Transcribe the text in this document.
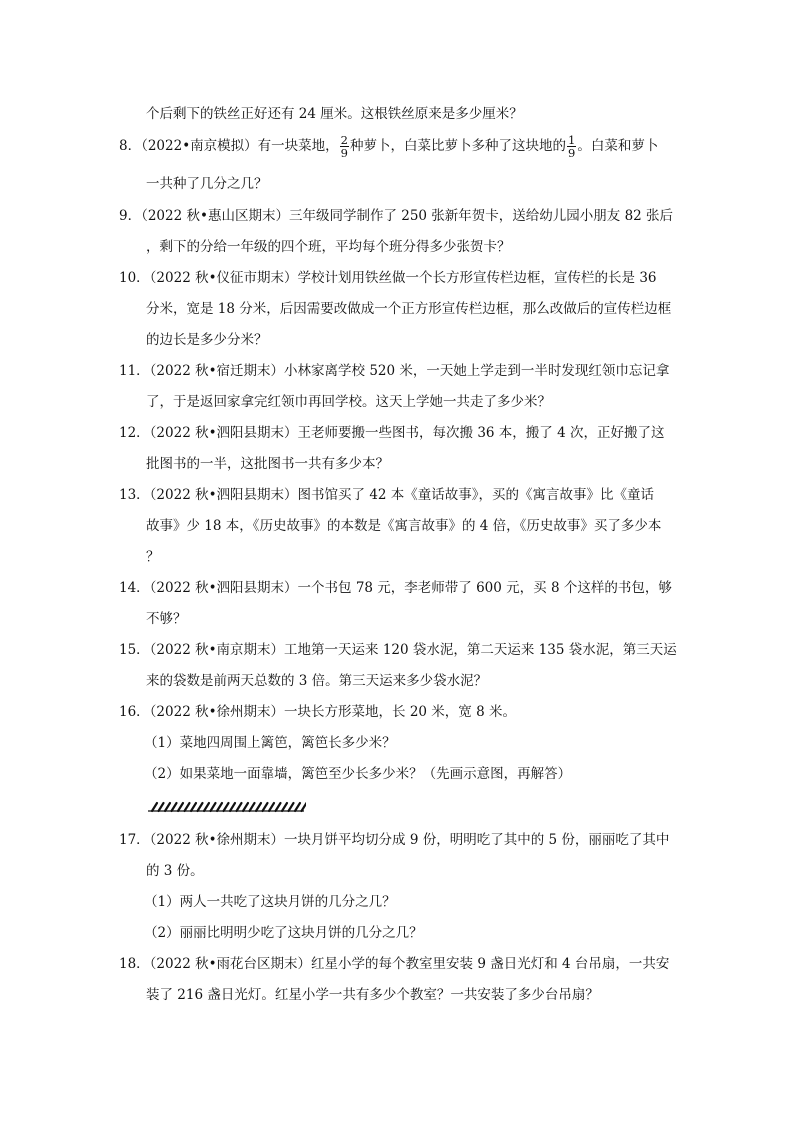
个后剩下的铁丝正好还有 24 厘米。这根铁丝原来是多少厘米？
8．（2022•南京模拟）有一块菜地， $\frac{2}{9}$ 种萝卜，白菜比萝卜多种了这块地的 $\frac{1}{9}$ 。白菜和萝卜
一共种了几分之几？
9．（2022 秋•惠山区期末）三年级同学制作了 250 张新年贺卡，送给幼儿园小朋友 82 张后
，剩下的分给一年级的四个班，平均每个班分得多少张贺卡？
10．（2022 秋•仪征市期末）学校计划用铁丝做一个长方形宣传栏边框，宣传栏的长是 36
分米，宽是 18 分米，后因需要改做成一个正方形宣传栏边框，那么改做后的宣传栏边框
的边长是多少分米？
11．（2022 秋•宿迁期末）小林家离学校 520 米，一天她上学走到一半时发现红领巾忘记拿
了，于是返回家拿完红领巾再回学校。这天上学她一共走了多少米？
12．（2022 秋•泗阳县期末）王老师要搬一些图书，每次搬 36 本，搬了 4 次，正好搬了这
批图书的一半，这批图书一共有多少本？
13．（2022 秋•泗阳县期末）图书馆买了 42 本《童话故事》，买的《寓言故事》比《童话
故事》少 18 本，《历史故事》的本数是《寓言故事》的 4 倍，《历史故事》买了多少本
？
14．（2022 秋•泗阳县期末）一个书包 78 元，李老师带了 600 元，买 8 个这样的书包，够
不够？
15．（2022 秋•南京期末）工地第一天运来 120 袋水泥，第二天运来 135 袋水泥，第三天运
来的袋数是前两天总数的 3 倍。第三天运来多少袋水泥？
16．（2022 秋•徐州期末）一块长方形菜地，长 20 米，宽 8 米。
（1）菜地四周围上篱笆，篱笆长多少米？
（2）如果菜地一面靠墙，篱笆至少长多少米？（先画示意图，再解答）
17．（2022 秋•徐州期末）一块月饼平均切分成 9 份，明明吃了其中的 5 份，丽丽吃了其中
的 3 份。
（1）两人一共吃了这块月饼的几分之几？
（2）丽丽比明明少吃了这块月饼的几分之几？
18．（2022 秋•雨花台区期末）红星小学的每个教室里安装 9 盏日光灯和 4 台吊扇，一共安
装了 216 盏日光灯。红星小学一共有多少个教室？一共安装了多少台吊扇？
